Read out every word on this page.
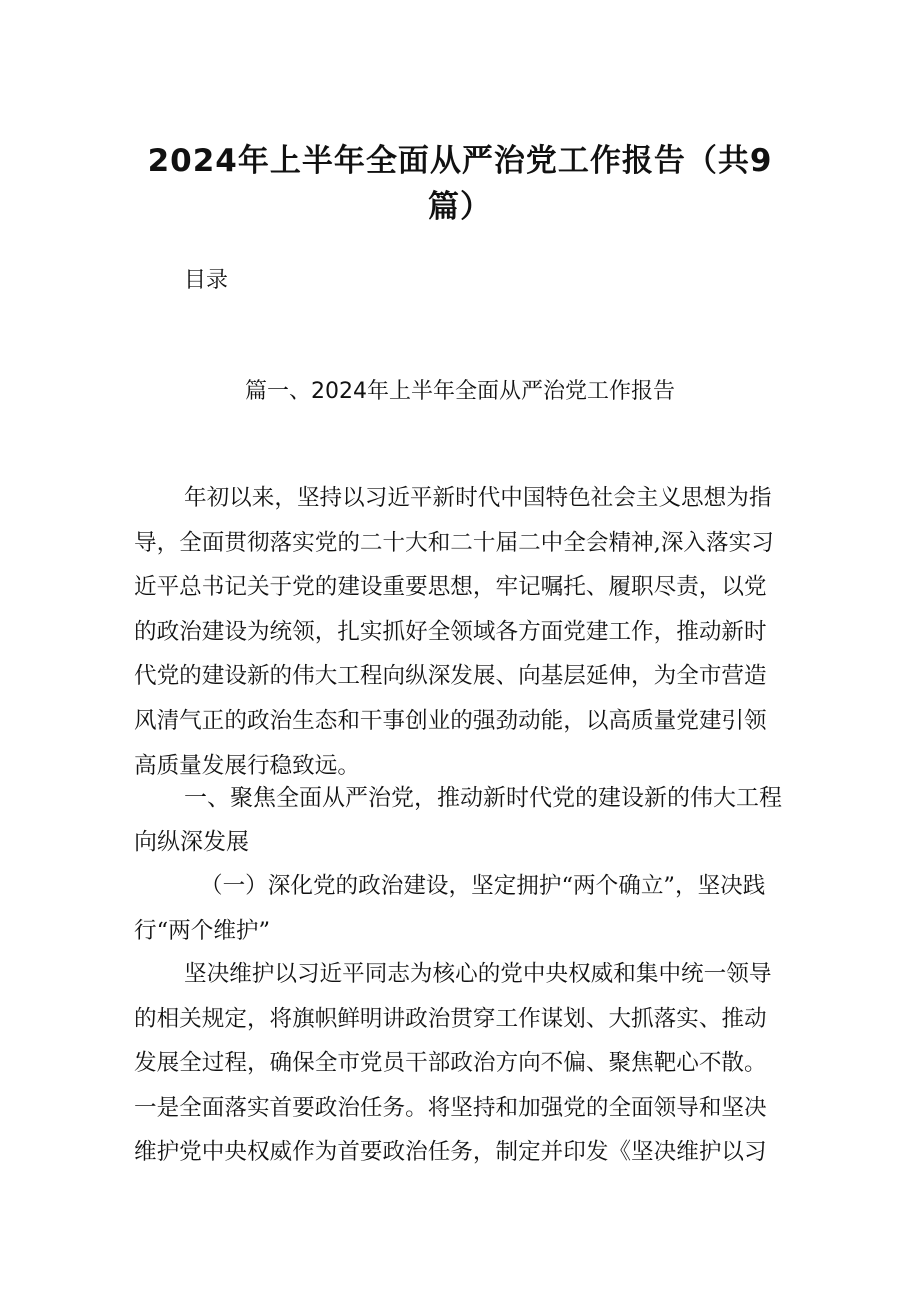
2024年上半年全面从严治党工作报告（共9
篇）
目录
篇一、2024年上半年全面从严治党工作报告
年初以来，坚持以习近平新时代中国特色社会主义思想为指
导，全面贯彻落实党的二十大和二十届二中全会精神,深入落实习
近平总书记关于党的建设重要思想，牢记嘱托、履职尽责，以党
的政治建设为统领，扎实抓好全领域各方面党建工作，推动新时
代党的建设新的伟大工程向纵深发展、向基层延伸，为全市营造
风清气正的政治生态和干事创业的强劲动能，以高质量党建引领
高质量发展行稳致远。
一、聚焦全面从严治党，推动新时代党的建设新的伟大工程
向纵深发展
（一）深化党的政治建设，坚定拥护“两个确立”，坚决践
行“两个维护”
坚决维护以习近平同志为核心的党中央权威和集中统一领导
的相关规定，将旗帜鲜明讲政治贯穿工作谋划、大抓落实、推动
发展全过程，确保全市党员干部政治方向不偏、聚焦靶心不散。
一是全面落实首要政治任务。将坚持和加强党的全面领导和坚决
维护党中央权威作为首要政治任务，制定并印发《坚决维护以习
